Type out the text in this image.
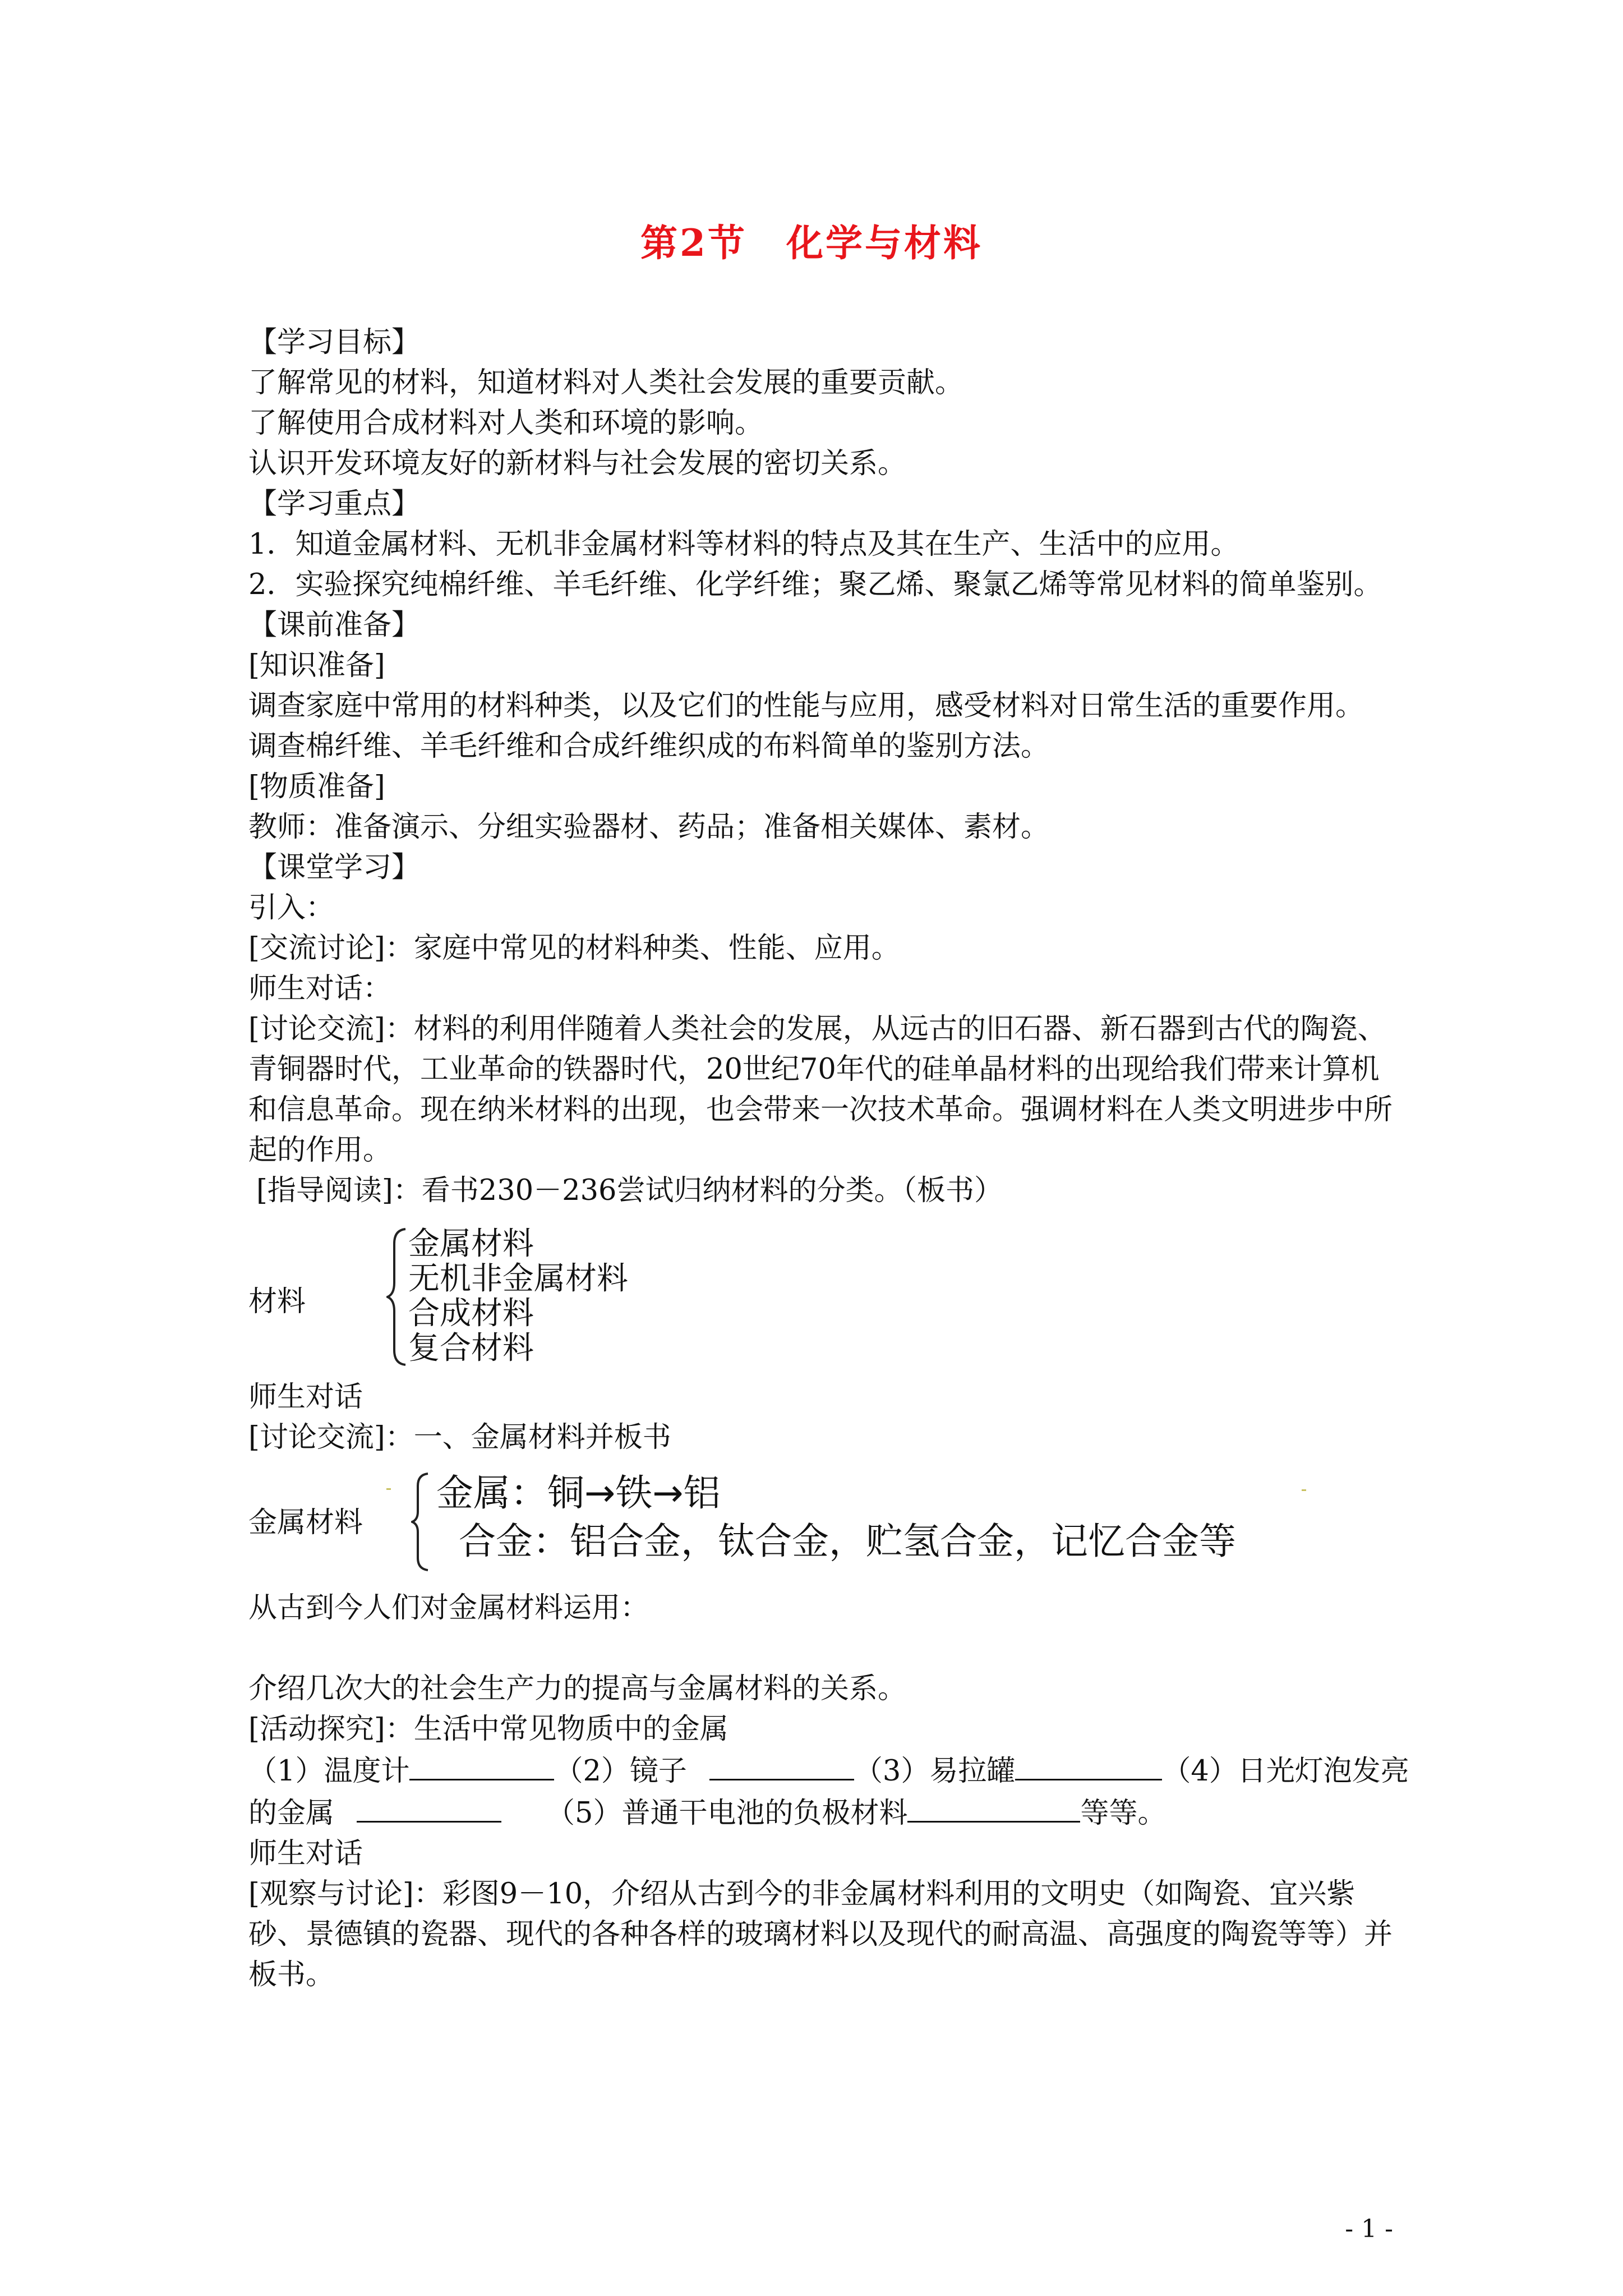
第2节　化学与材料

【学习目标】

了解常见的材料，知道材料对人类社会发展的重要贡献。

了解使用合成材料对人类和环境的影响。

认识开发环境友好的新材料与社会发展的密切关系。

【学习重点】

1．知道金属材料、无机非金属材料等材料的特点及其在生产、生活中的应用。

2．实验探究纯棉纤维、羊毛纤维、化学纤维；聚乙烯、聚氯乙烯等常见材料的简单鉴别。

【课前准备】

[知识准备]

调查家庭中常用的材料种类，以及它们的性能与应用，感受材料对日常生活的重要作用。

调查棉纤维、羊毛纤维和合成纤维织成的布料简单的鉴别方法。

[物质准备]

教师：准备演示、分组实验器材、药品；准备相关媒体、素材。

【课堂学习】

引入：

[交流讨论]：家庭中常见的材料种类、性能、应用。

师生对话：

[讨论交流]：材料的利用伴随着人类社会的发展，从远古的旧石器、新石器到古代的陶瓷、青铜器时代，工业革命的铁器时代，20世纪70年代的硅单晶材料的出现给我们带来计算机和信息革命。现在纳米材料的出现，也会带来一次技术革命。强调材料在人类文明进步中所起的作用。

[指导阅读]：看书230－236尝试归纳材料的分类。（板书）

材料
金属材料
无机非金属材料
合成材料
复合材料

师生对话

[讨论交流]：一、金属材料并板书

金属材料
金属：铜→铁→铝
合金：铝合金，钛合金，贮氢合金，记忆合金等

从古到今人们对金属材料运用：

介绍几次大的社会生产力的提高与金属材料的关系。

[活动探究]：生活中常见物质中的金属

（1）温度计	（2）镜子	（3）易拉罐	（4）日光灯泡发亮

的金属	（5）普通干电池的负极材料	等等。

师生对话

[观察与讨论]：彩图9－10，介绍从古到今的非金属材料利用的文明史（如陶瓷、宜兴紫砂、景德镇的瓷器、现代的各种各样的玻璃材料以及现代的耐高温、高强度的陶瓷等等）并板书。

- 1 -
